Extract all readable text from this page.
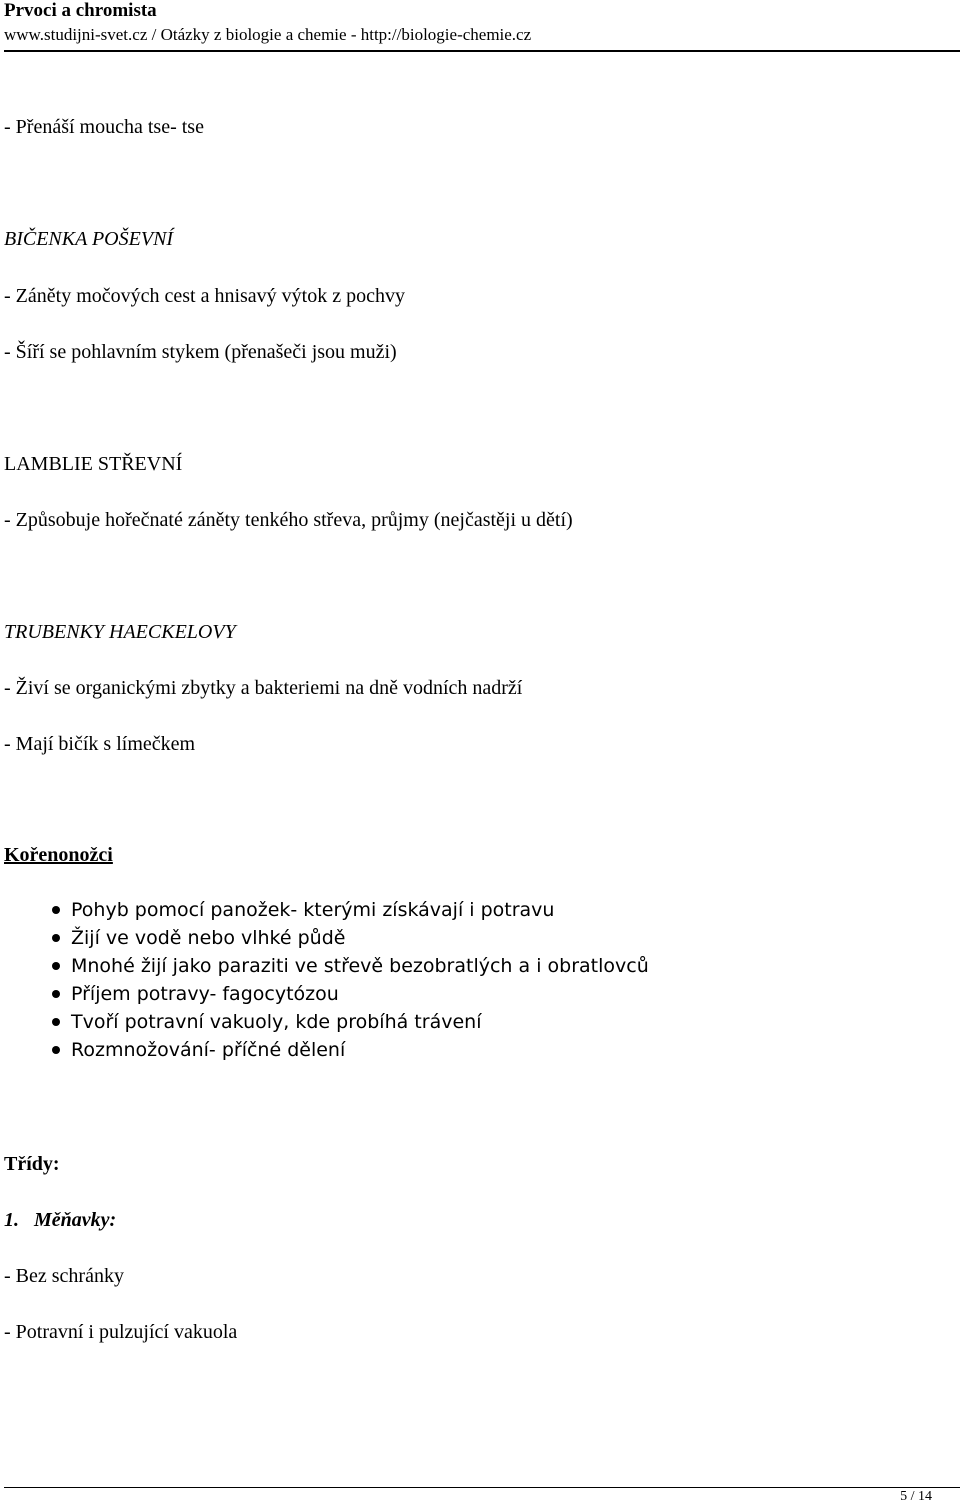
Prvoci a chromista
www.studijni-svet.cz / Otázky z biologie a chemie - http://biologie-chemie.cz
- Přenáší moucha tse- tse
BIČENKA POŠEVNÍ
- Záněty močových cest a hnisavý výtok z pochvy
- Šíří se pohlavním stykem (přenašeči jsou muži)
LAMBLIE STŘEVNÍ
- Způsobuje hořečnaté záněty tenkého střeva, průjmy (nejčastěji u dětí)
TRUBENKY HAECKELOVY
- Živí se organickými zbytky a bakteriemi na dně vodních nadrží
- Mají bičík s límečkem
Kořenonožci
Pohyb pomocí panožek- kterými získávají i potravu
Žijí ve vodě nebo vlhké půdě
Mnohé žijí jako paraziti ve střevě bezobratlých a i obratlovců
Příjem potravy- fagocytózou
Tvoří potravní vakuoly, kde probíhá trávení
Rozmnožování- příčné dělení
Třídy:
1.   Měňavky:
- Bez schránky
- Potravní i pulzující vakuola
5 / 14
